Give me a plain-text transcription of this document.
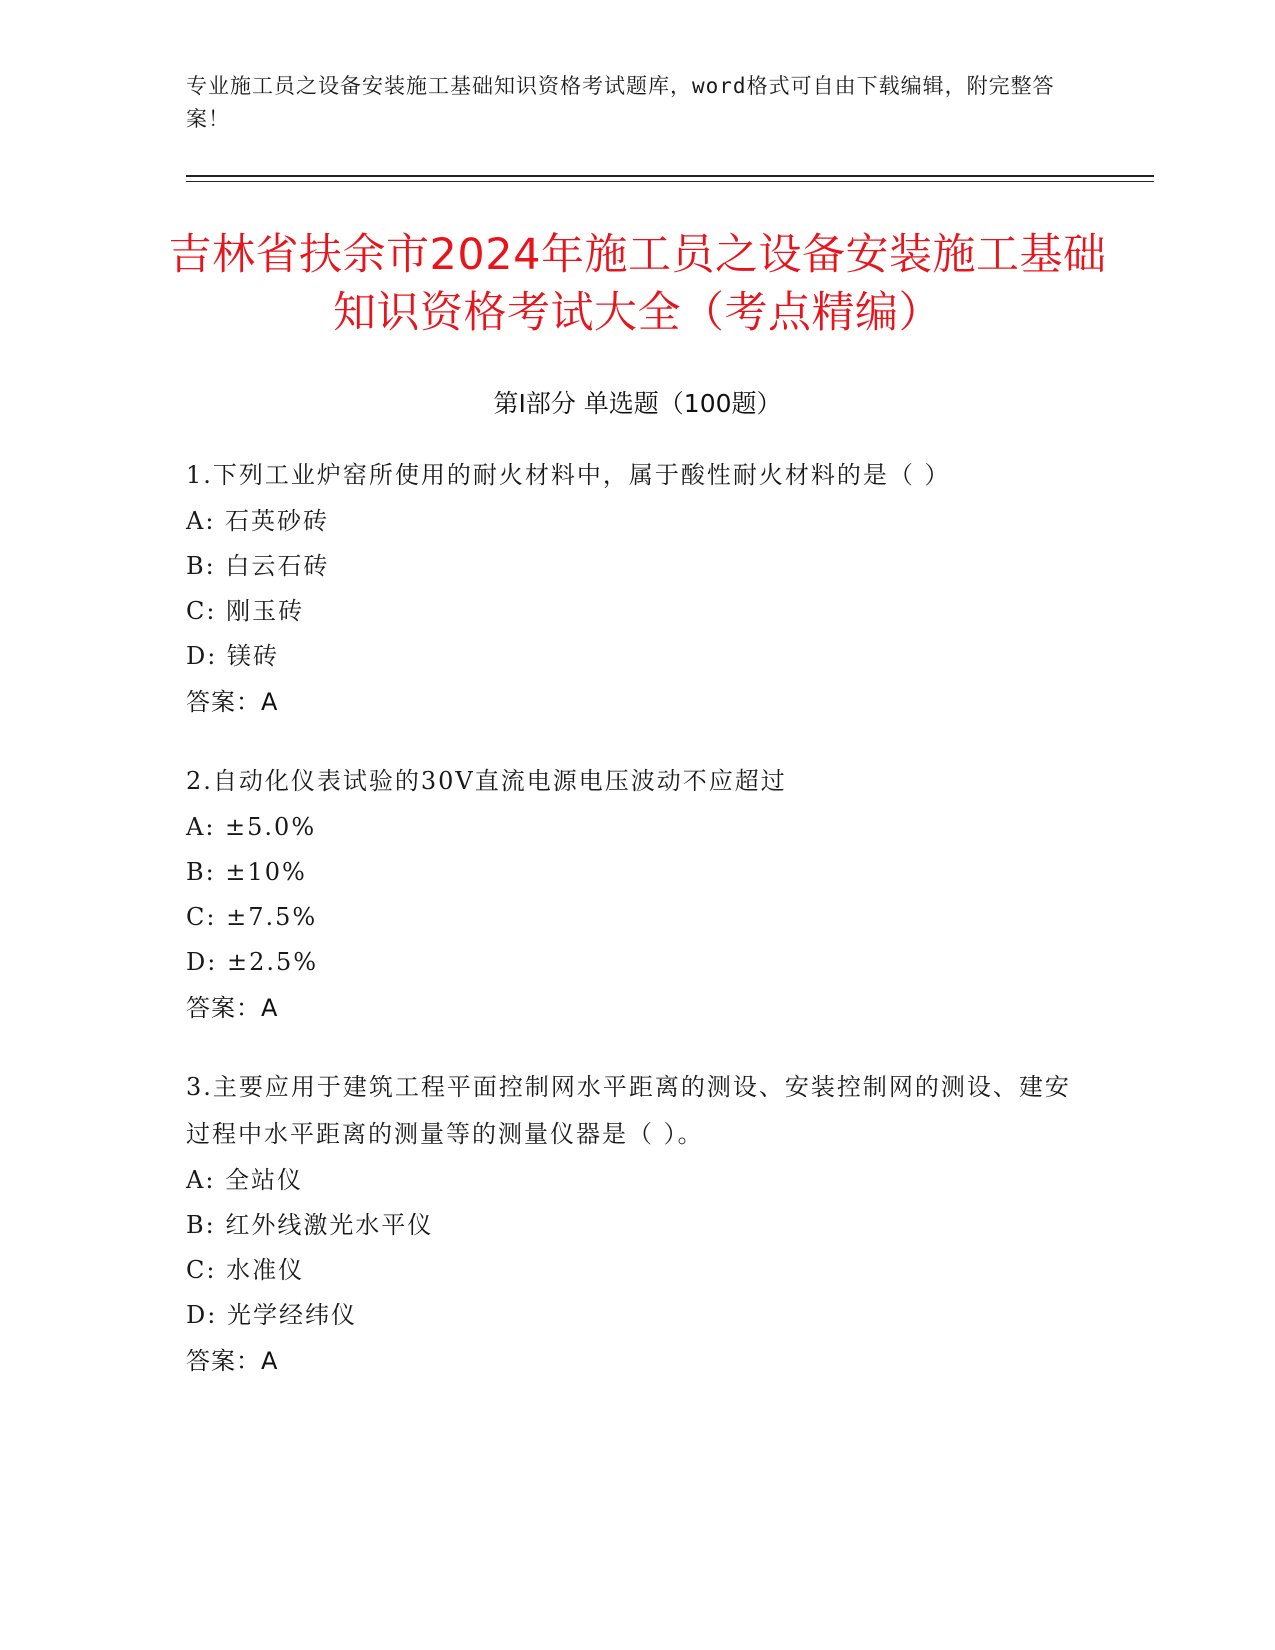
专业施工员之设备安装施工基础知识资格考试题库，word格式可自由下载编辑，附完整答案！
吉林省扶余市2024年施工员之设备安装施工基础知识资格考试大全（考点精编）
第Ⅰ部分 单选题（100题）
1.下列工业炉窑所使用的耐火材料中，属于酸性耐火材料的是（ ）
A: 石英砂砖
B: 白云石砖
C: 刚玉砖
D: 镁砖
答案：A
2.自动化仪表试验的30V直流电源电压波动不应超过
A: ±5.0%
B: ±10%
C: ±7.5%
D: ±2.5%
答案：A
3.主要应用于建筑工程平面控制网水平距离的测设、安装控制网的测设、建安过程中水平距离的测量等的测量仪器是（ ）。
A: 全站仪
B: 红外线激光水平仪
C: 水准仪
D: 光学经纬仪
答案：A
